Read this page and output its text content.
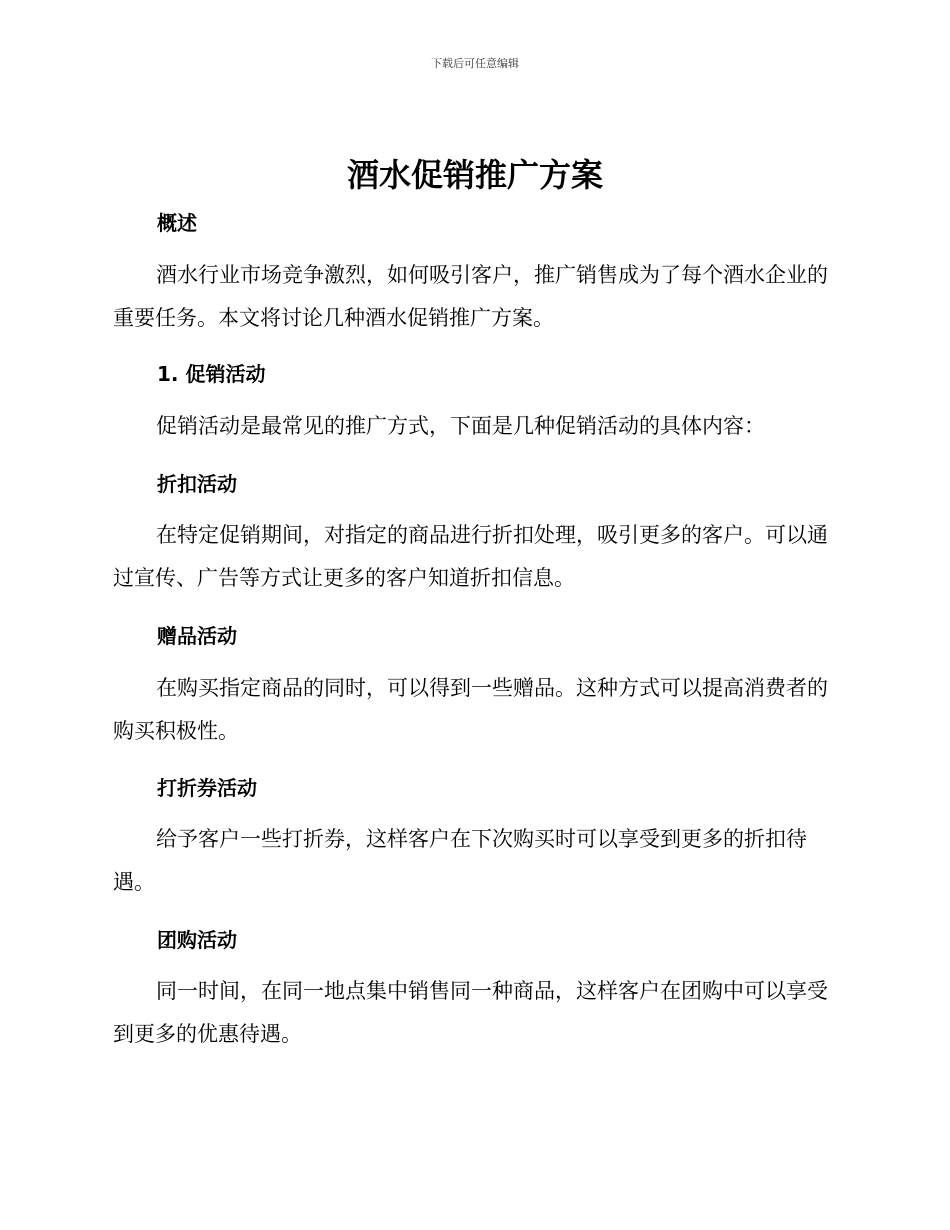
下载后可任意编辑
酒水促销推广方案
概述
酒水行业市场竞争激烈，如何吸引客户，推广销售成为了每个酒水企业的重要任务。本文将讨论几种酒水促销推广方案。
1. 促销活动
促销活动是最常见的推广方式，下面是几种促销活动的具体内容：
折扣活动
在特定促销期间，对指定的商品进行折扣处理，吸引更多的客户。可以通过宣传、广告等方式让更多的客户知道折扣信息。
赠品活动
在购买指定商品的同时，可以得到一些赠品。这种方式可以提高消费者的购买积极性。
打折券活动
给予客户一些打折券，这样客户在下次购买时可以享受到更多的折扣待遇。
团购活动
同一时间，在同一地点集中销售同一种商品，这样客户在团购中可以享受到更多的优惠待遇。
